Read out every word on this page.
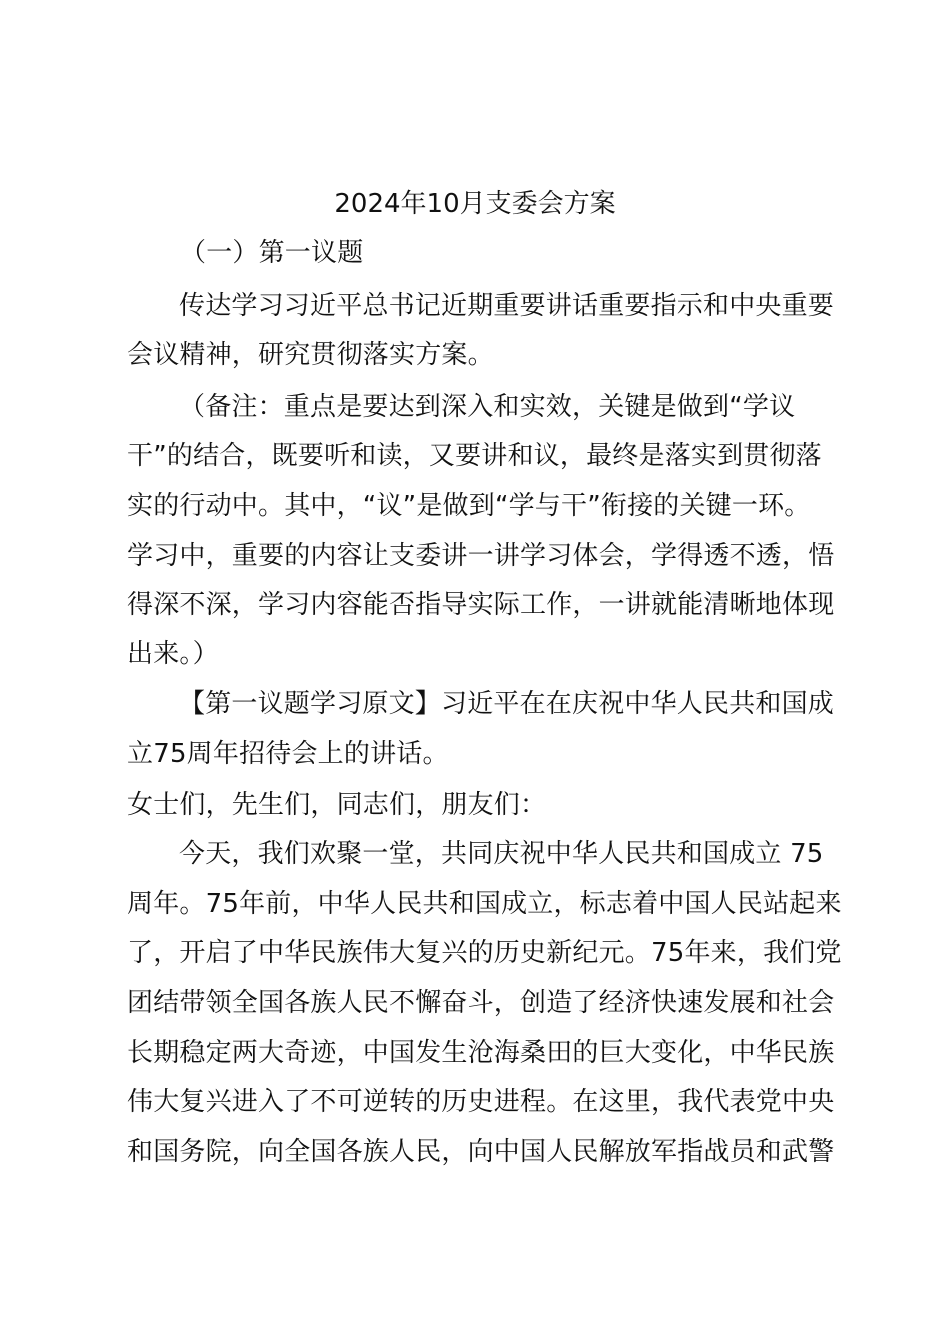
2024年10月支委会方案
（一）第一议题
传达学习习近平总书记近期重要讲话重要指示和中央重要
会议精神，研究贯彻落实方案。
（备注：重点是要达到深入和实效，关键是做到“学议
干”的结合，既要听和读，又要讲和议，最终是落实到贯彻落
实的行动中。其中，“议”是做到“学与干”衔接的关键一环。
学习中，重要的内容让支委讲一讲学习体会，学得透不透，悟
得深不深，学习内容能否指导实际工作，一讲就能清晰地体现
出来。）
【第一议题学习原文】习近平在在庆祝中华人民共和国成
立75周年招待会上的讲话。
女士们，先生们，同志们，朋友们：
今天，我们欢聚一堂，共同庆祝中华人民共和国成立 75
周年。75年前，中华人民共和国成立，标志着中国人民站起来
了，开启了中华民族伟大复兴的历史新纪元。75年来，我们党
团结带领全国各族人民不懈奋斗，创造了经济快速发展和社会
长期稳定两大奇迹，中国发生沧海桑田的巨大变化，中华民族
伟大复兴进入了不可逆转的历史进程。在这里，我代表党中央
和国务院，向全国各族人民，向中国人民解放军指战员和武警
